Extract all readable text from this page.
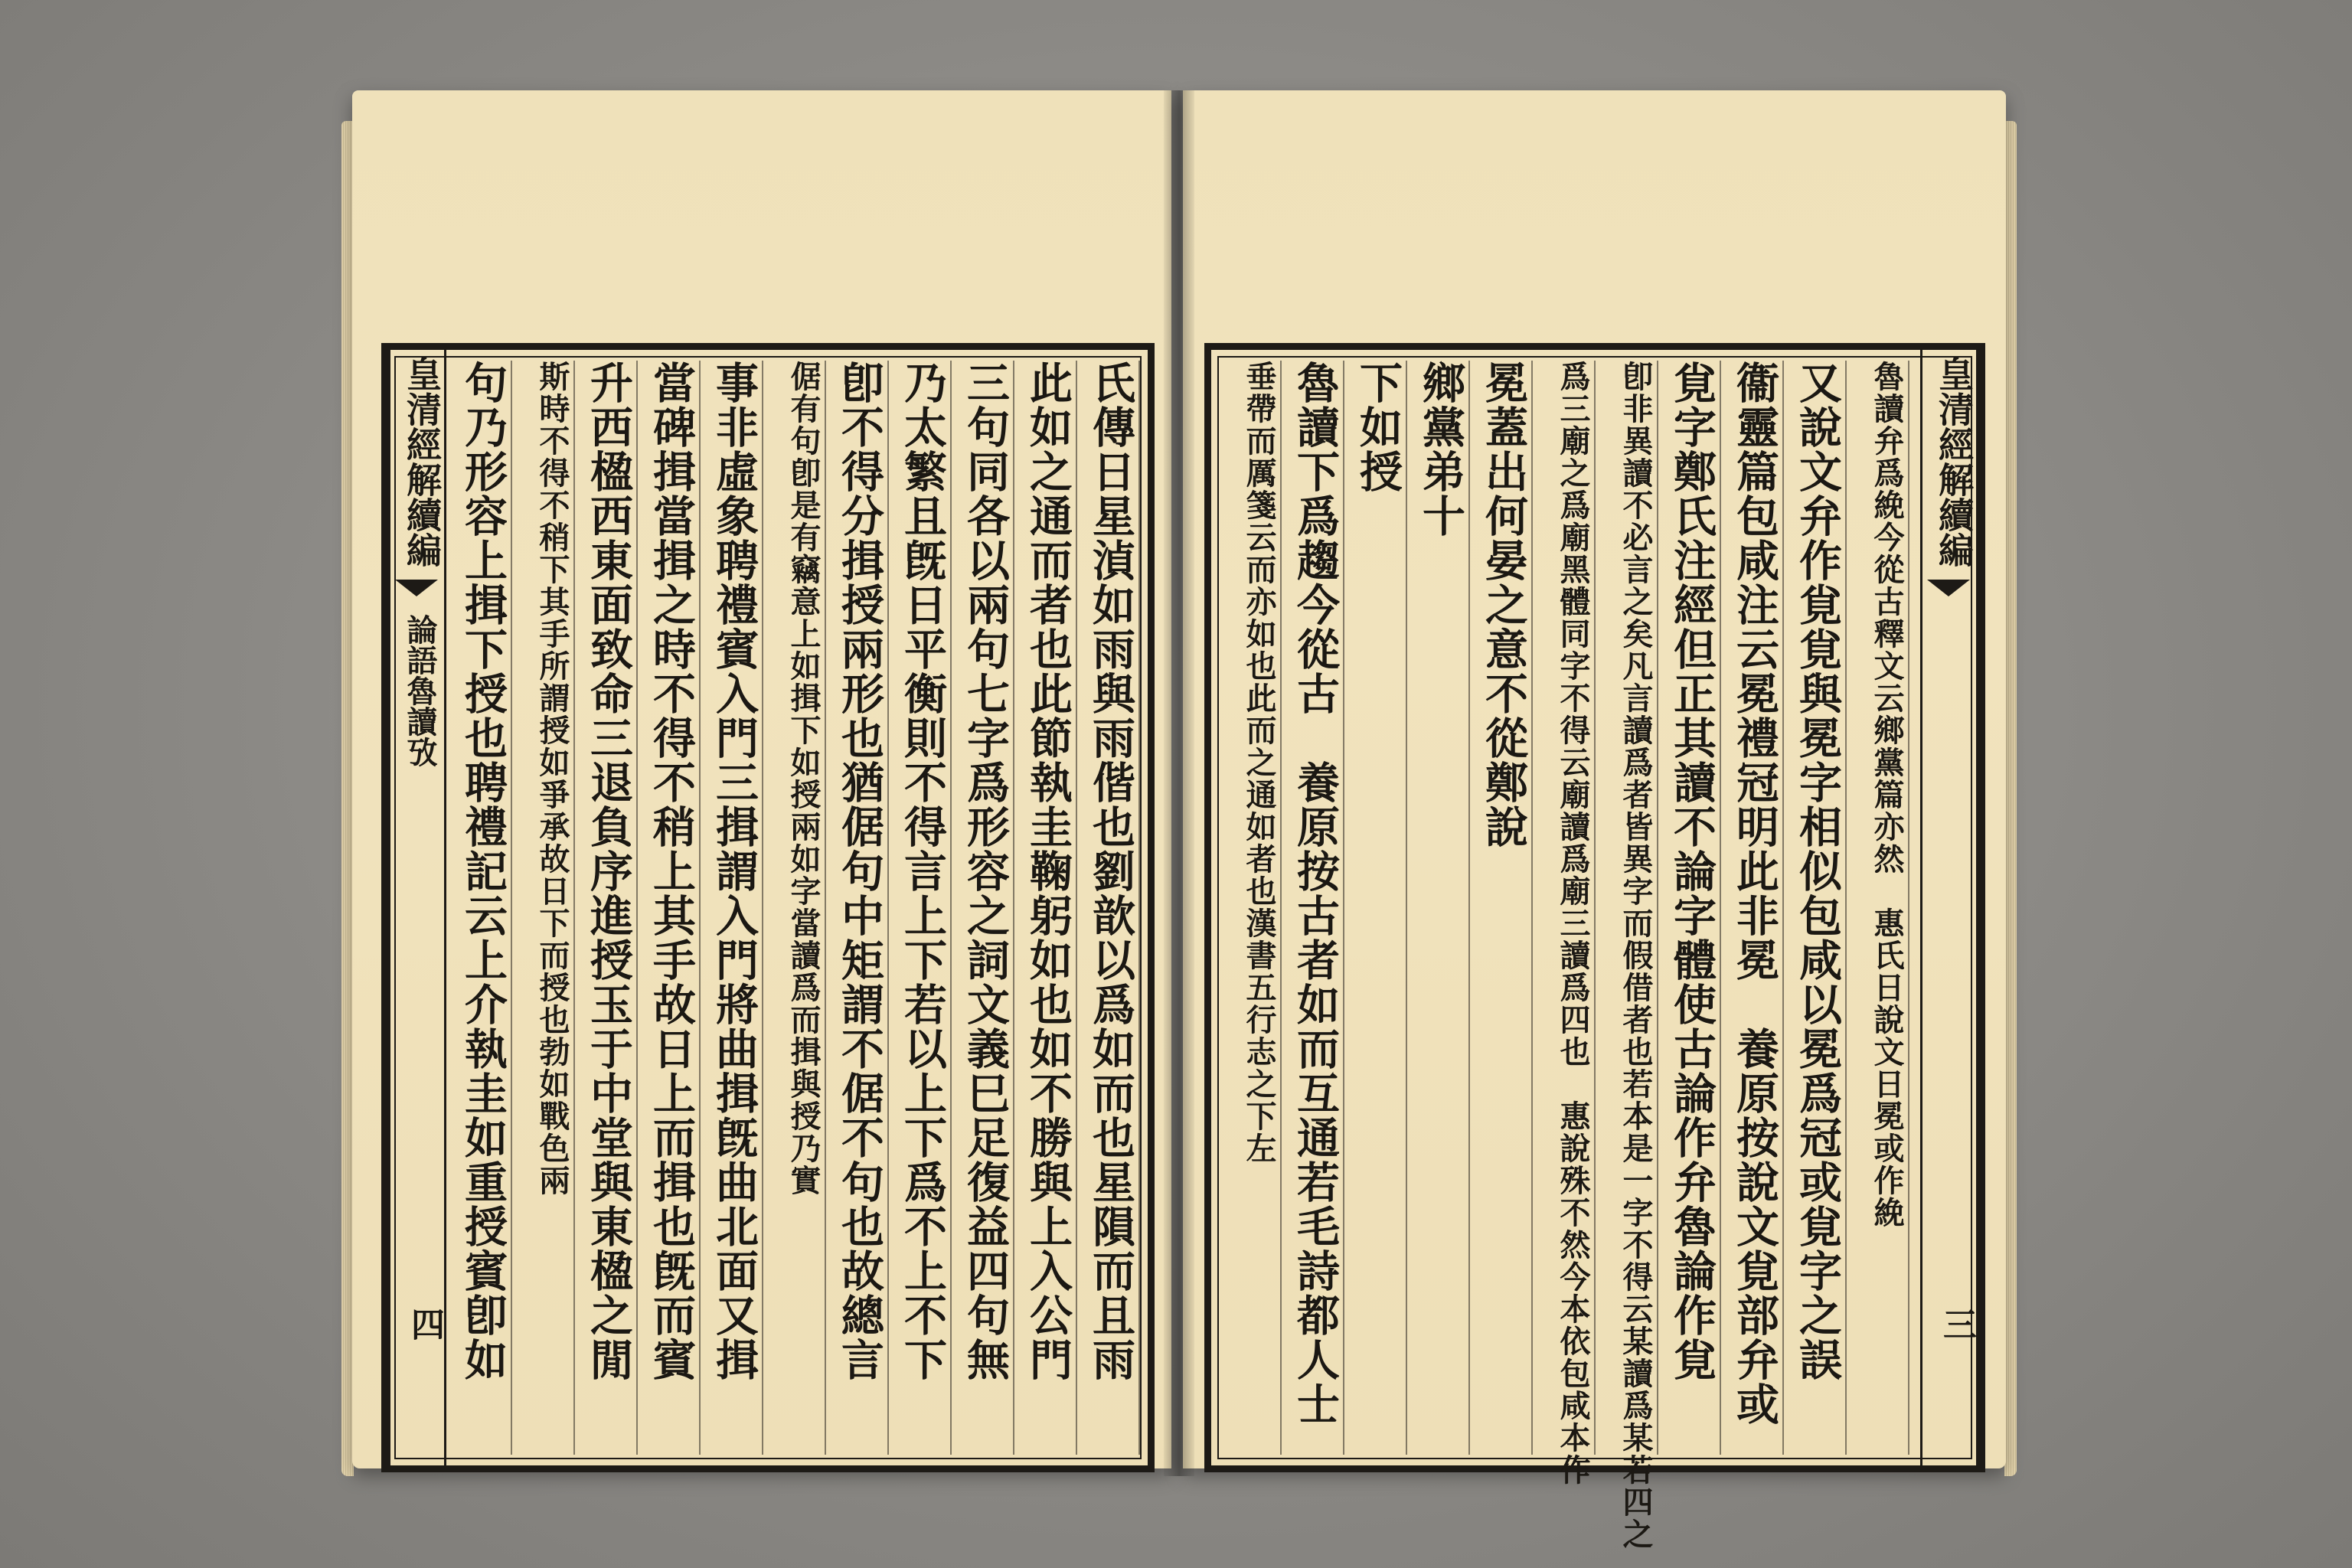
皇清經解續編
論語魯讀攷
四	氏傳日星湞如雨與雨偕也劉歆以爲如而也星隕而且雨
此如之通而者也此節執圭鞠躬如也如不勝與上入公門
三句同各以兩句七字爲形容之詞文義巳足復益四句無
乃太繁且旣日平衡則不得言上下若以上下爲不上不下
卽不得分揖授兩形也猶倨句中矩謂不倨不句也故總言
倨有句卽是有竊意上如揖下如授兩如字當讀爲而揖與授乃實
事非虛象聘禮賓入門三揖謂入門將曲揖旣曲北面又揖
當碑揖當揖之時不得不稍上其手故日上而揖也旣而賓
升西楹西東面致命三退負序進授玉于中堂與東楹之閒
斯時不得不稍下其手所謂授如爭承故日下而授也勃如戰色兩
句乃形容上揖下授也聘禮記云上介執圭如重授賓卽如	皇清經解續編
三
魯讀弁爲絻今從古釋文云鄉黨篇亦然　惠氏日說文日冕或作絻
又說文弁作覍覍與冕字相似包咸以冕爲冠或覍字之誤
衞靈篇包咸注云冕禮冠明此非冕　養原按說文覍部弁或
覍字鄭氏注經但正其讀不論字體使古論作弁魯論作覍
卽非異讀不必言之矣凡言讀爲者皆異字而假借者也若本是一字不得云某讀爲某若四之
爲三廟之爲廟黑體同字不得云廟讀爲廟三讀爲四也　惠說殊不然今本依包咸本作
冕蓋出何晏之意不從鄭說
鄉黨弟十
下如授
魯讀下爲趨今從古　養原按古者如而互通若毛詩都人士
垂帶而厲箋云而亦如也此而之通如者也漢書五行志之下左
